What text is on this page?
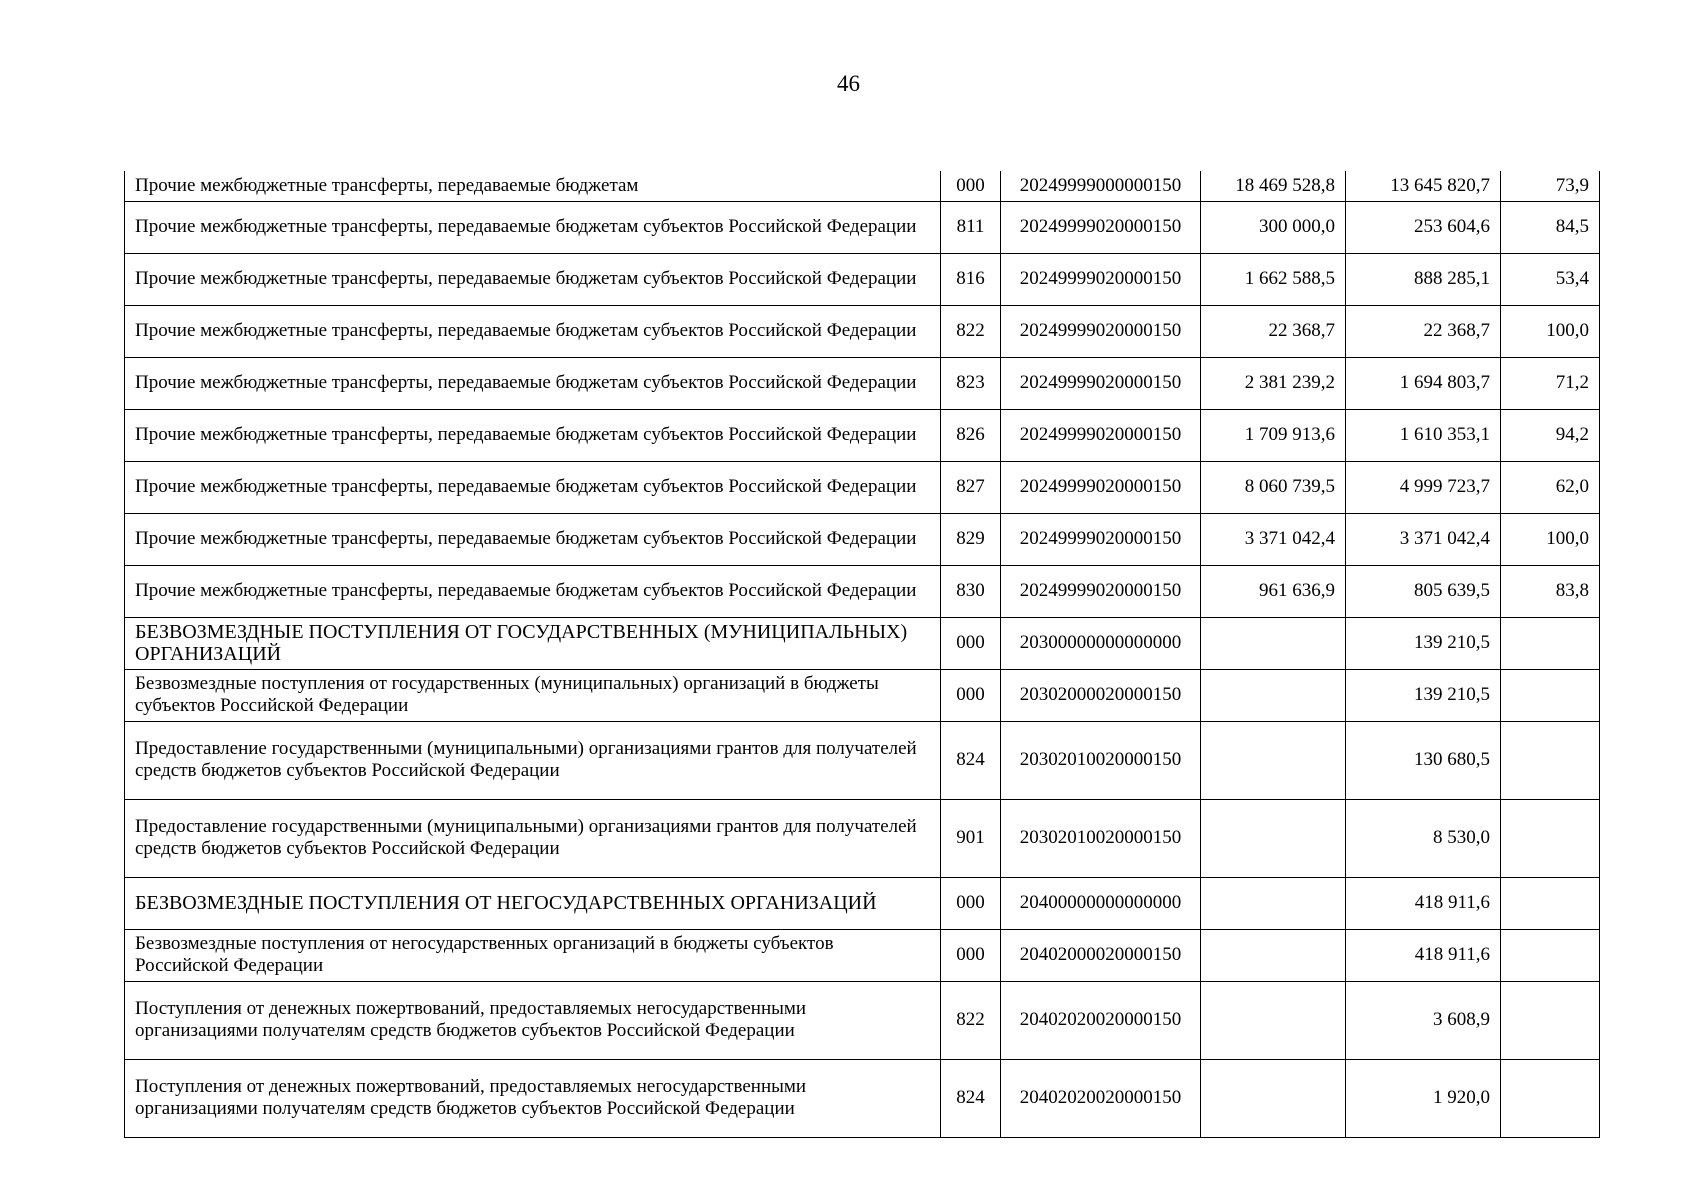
46
Прочие межбюджетные трансферты, передаваемые бюджетам	000	20249999000000150	18 469 528,8	13 645 820,7	73,9
Прочие межбюджетные трансферты, передаваемые бюджетам субъектов Российской Федерации	811	20249999020000150	300 000,0	253 604,6	84,5
Прочие межбюджетные трансферты, передаваемые бюджетам субъектов Российской Федерации	816	20249999020000150	1 662 588,5	888 285,1	53,4
Прочие межбюджетные трансферты, передаваемые бюджетам субъектов Российской Федерации	822	20249999020000150	22 368,7	22 368,7	100,0
Прочие межбюджетные трансферты, передаваемые бюджетам субъектов Российской Федерации	823	20249999020000150	2 381 239,2	1 694 803,7	71,2
Прочие межбюджетные трансферты, передаваемые бюджетам субъектов Российской Федерации	826	20249999020000150	1 709 913,6	1 610 353,1	94,2
Прочие межбюджетные трансферты, передаваемые бюджетам субъектов Российской Федерации	827	20249999020000150	8 060 739,5	4 999 723,7	62,0
Прочие межбюджетные трансферты, передаваемые бюджетам субъектов Российской Федерации	829	20249999020000150	3 371 042,4	3 371 042,4	100,0
Прочие межбюджетные трансферты, передаваемые бюджетам субъектов Российской Федерации	830	20249999020000150	961 636,9	805 639,5	83,8
БЕЗВОЗМЕЗДНЫЕ ПОСТУПЛЕНИЯ ОТ ГОСУДАРСТВЕННЫХ (МУНИЦИПАЛЬНЫХ) ОРГАНИЗАЦИЙ	000	20300000000000000		139 210,5	
Безвозмездные поступления от государственных (муниципальных) организаций в бюджеты субъектов Российской Федерации	000	20302000020000150		139 210,5	
Предоставление государственными (муниципальными) организациями грантов для получателей средств бюджетов субъектов Российской Федерации	824	20302010020000150		130 680,5	
Предоставление государственными (муниципальными) организациями грантов для получателей средств бюджетов субъектов Российской Федерации	901	20302010020000150		8 530,0	
БЕЗВОЗМЕЗДНЫЕ ПОСТУПЛЕНИЯ ОТ НЕГОСУДАРСТВЕННЫХ ОРГАНИЗАЦИЙ	000	20400000000000000		418 911,6	
Безвозмездные поступления от негосударственных организаций в бюджеты субъектов Российской Федерации	000	20402000020000150		418 911,6	
Поступления от денежных пожертвований, предоставляемых негосударственными организациями получателям средств бюджетов субъектов Российской Федерации	822	20402020020000150		3 608,9	
Поступления от денежных пожертвований, предоставляемых негосударственными организациями получателям средств бюджетов субъектов Российской Федерации	824	20402020020000150		1 920,0	
